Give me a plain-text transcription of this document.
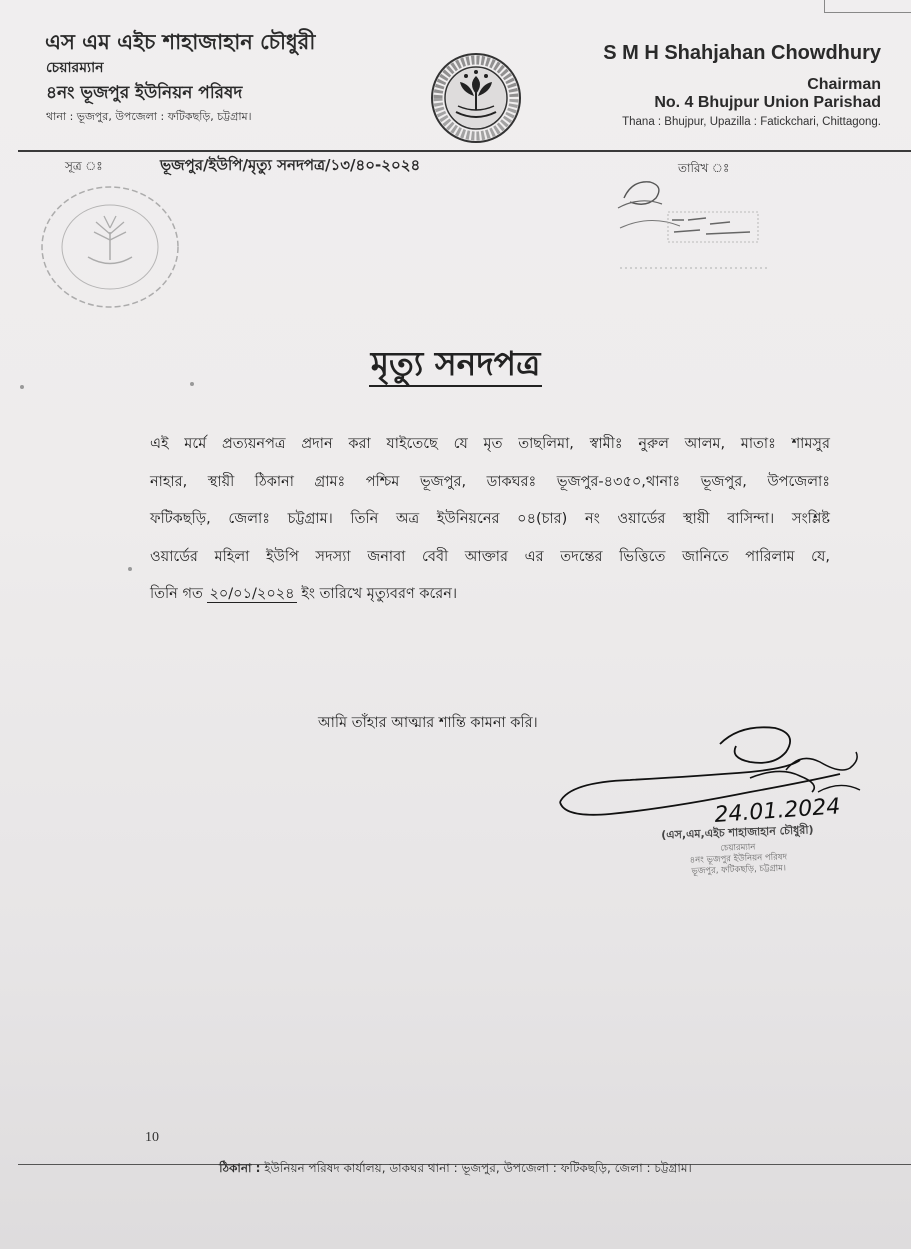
এস এম এইচ শাহাজাহান চৌধুরী
চেয়ারম্যান
৪নং ভূজপুর ইউনিয়ন পরিষদ
থানা : ভূজপুর, উপজেলা : ফটিকছড়ি, চট্টগ্রাম।
S M H Shahjahan Chowdhury
Chairman
No. 4 Bhujpur Union Parishad
Thana : Bhujpur, Upazilla : Fatickchari, Chittagong.
সূত্র ঃ	ভূজপুর/ইউপি/মৃত্যু সনদপত্র/১৩/৪০-২০২৪	তারিখ ঃ
মৃত্যু সনদপত্র
এই মর্মে প্রত্যয়নপত্র প্রদান করা যাইতেছে যে মৃত তাছলিমা, স্বামীঃ নুরুল আলম, মাতাঃ শামসুর
নাহার, স্থায়ী ঠিকানা গ্রামঃ পশ্চিম ভূজপুর, ডাকঘরঃ ভূজপুর-৪৩৫০,থানাঃ ভূজপুর, উপজেলাঃ
ফটিকছড়ি, জেলাঃ চট্টগ্রাম। তিনি অত্র ইউনিয়নের ০৪(চার) নং ওয়ার্ডের স্থায়ী বাসিন্দা। সংশ্লিষ্ট
ওয়ার্ডের মহিলা ইউপি সদস্যা জনাবা বেবী আক্তার এর তদন্তের ভিত্তিতে জানিতে পারিলাম যে,
তিনি গত ২০/০১/২০২৪ ইং তারিখে মৃত্যুবরণ করেন।
আমি তাঁহার আত্মার শান্তি কামনা করি।
24.01.2024
(এস,এম,এইচ শাহাজাহান চৌধুরী)
চেয়ারম্যান
৪নং ভূজপুর ইউনিয়ন পরিষদ
ভূজপুর, ফটিকছড়ি, চট্টগ্রাম।
10
ঠিকানা : ইউনিয়ন পরিষদ কার্যালয়, ডাকঘর থানা : ভূজপুর, উপজেলা : ফটিকছড়ি, জেলা : চট্টগ্রাম।
